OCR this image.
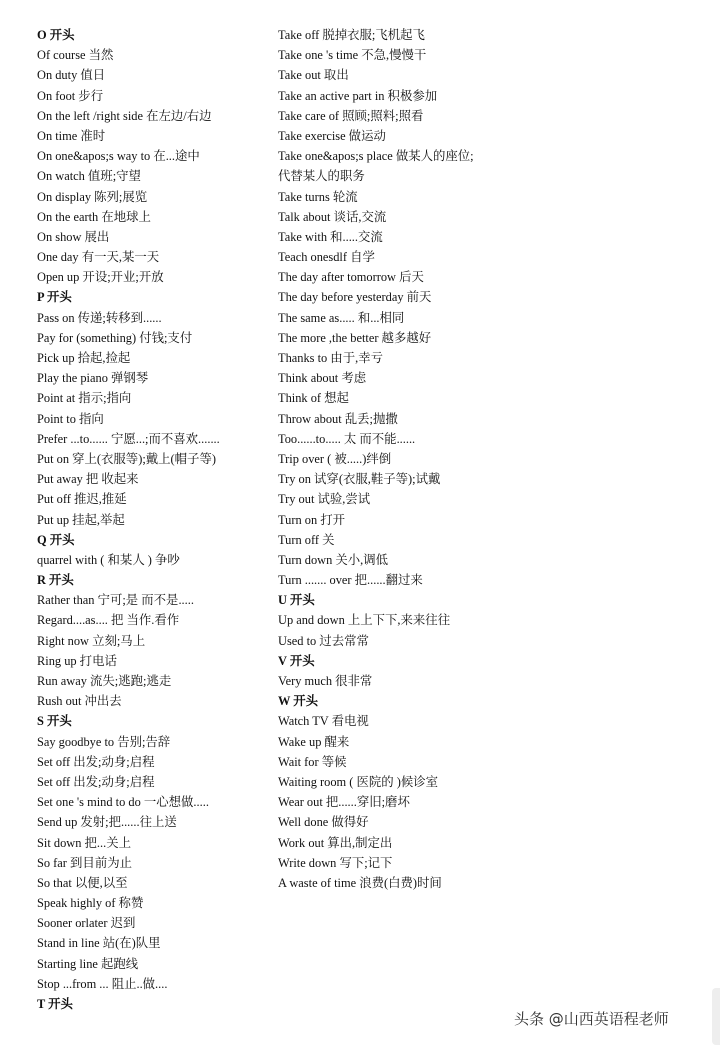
O 开头
Of course 当然
On duty 值日
On foot 步行
On the left /right side 在左边/右边
On time 准时
On one&apos;s way to 在...途中
On watch 值班;守望
On display 陈列;展览
On the earth 在地球上
On show 展出
One day 有一天,某一天
Open up 开设;开业;开放
P 开头
Pass on 传递;转移到......
Pay for (something) 付钱;支付
Pick up 拾起,捡起
Play the piano 弹钢琴
Point at 指示;指向
Point to 指向
Prefer ...to...... 宁愿...;而不喜欢.......
Put on 穿上(衣服等);戴上(帽子等)
Put away 把 收起来
Put off 推迟,推延
Put up 挂起,举起
Q 开头
quarrel with ( 和某人 ) 争吵
R 开头
Rather than 宁可;是 而不是.....
Regard....as.... 把 当作.看作
Right now 立刻;马上
Ring up 打电话
Run away 流失;逃跑;逃走
Rush out 冲出去
S 开头
Say goodbye to 告别;告辞
Set off 出发;动身;启程
Set off 出发;动身;启程
Set one 's mind to do 一心想做.....
Send up 发射;把......往上送
Sit down 把...关上
So far 到目前为止
So that 以便,以至
Speak highly of 称赞
Sooner orlater 迟到
Stand in line 站(在)队里
Starting line 起跑线
Stop ...from ... 阻止..做....
T 开头
Take off 脱掉衣服;飞机起飞
Take one 's time 不急,慢慢干
Take out 取出
Take an active part in 积极参加
Take care of 照顾;照料;照看
Take exercise 做运动
Take one&apos;s place 做某人的座位;代替某人的职务
Take turns 轮流
Talk about 谈话,交流
Take with 和.....交流
Teach onesdlf 自学
The day after tomorrow 后天
The day before yesterday 前天
The same as..... 和...相同
The more ,the better 越多越好
Thanks to 由于,幸亏
Think about 考虑
Think of 想起
Throw about 乱丢;抛撒
Too......to..... 太 而不能......
Trip over ( 被.....)绊倒
Try on 试穿(衣服,鞋子等);试戴
Try out 试验,尝试
Turn on 打开
Turn off 关
Turn down 关小,调低
Turn ....... over 把......翻过来
U 开头
Up and down 上上下下,来来往往
Used to 过去常常
V 开头
Very much 很非常
W 开头
Watch TV 看电视
Wake up 醒来
Wait for 等候
Waiting room ( 医院的 )候诊室
Wear out 把......穿旧;磨坏
Well done 做得好
Work out 算出,制定出
Write down 写下;记下
A waste of time 浪费(白费)时间
头条 @山西英语程老师
